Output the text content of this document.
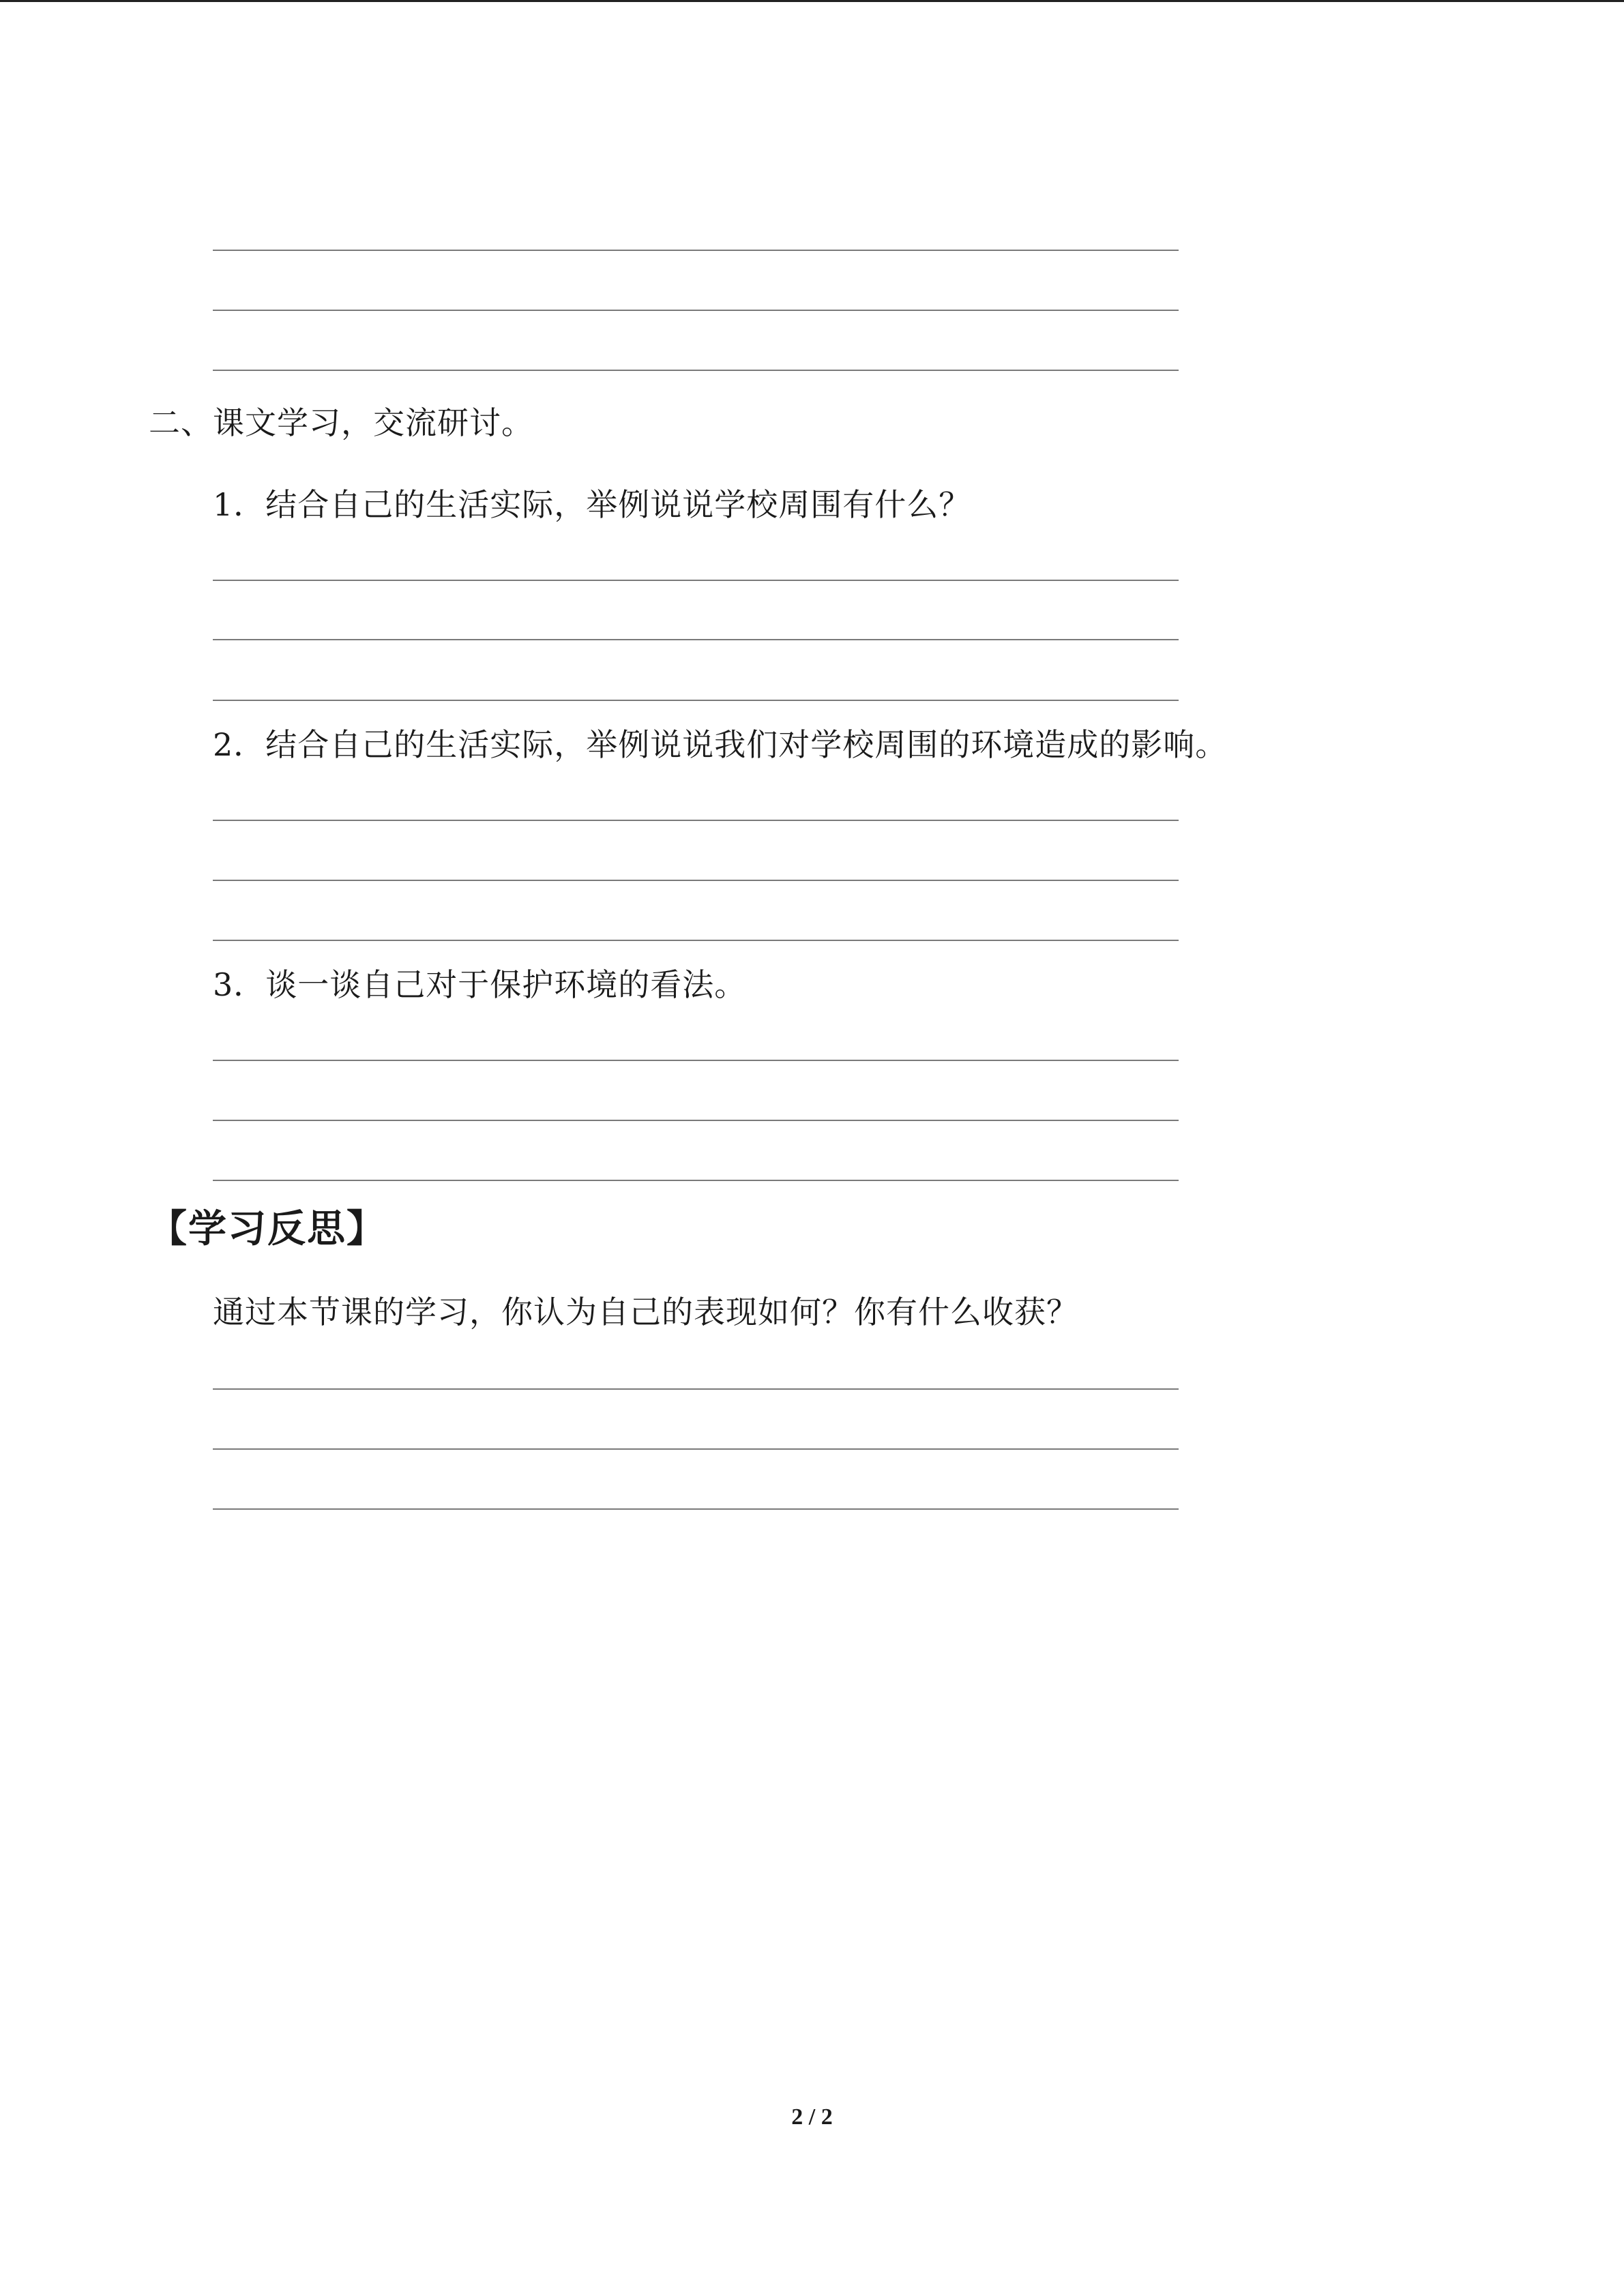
二、课文学习，交流研讨。
1．结合自己的生活实际，举例说说学校周围有什么？
2．结合自己的生活实际，举例说说我们对学校周围的环境造成的影响。
3．谈一谈自己对于保护环境的看法。
【学习反思】
通过本节课的学习，你认为自己的表现如何？你有什么收获？
2 / 2
